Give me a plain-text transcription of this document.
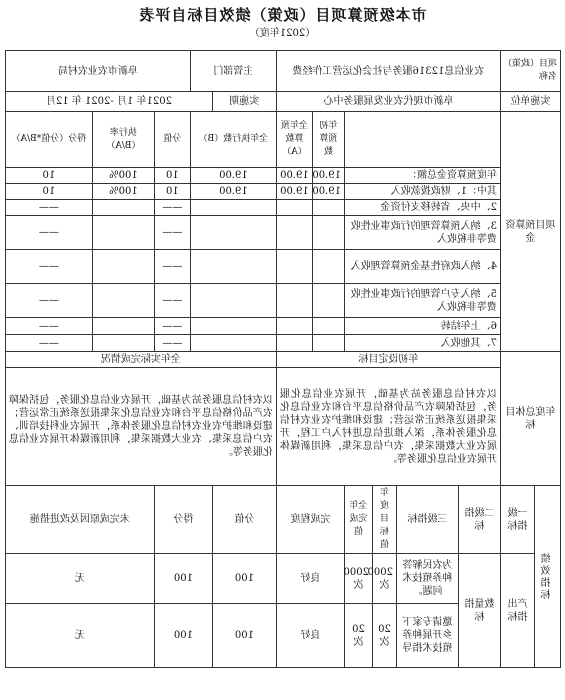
市本级预算项目（政策）绩效目标自评表
（2021年度）
项目（政策）名称		农业信息12316服务与社会化运营工作经费						主管部门		阜新市农业农村局		
实施单位		阜新市现代农业发展服务中心						实施期	2021年 1月 -2021 年 12月			
项目预算资金						年初预算数	全年预算数（A）	全年执行数（B）		分值	执行率（B/A）	得分（分值*B/A）
		年度预算资金总额：				19.00	19.00	19.00		10	100%	10
		其中：1、财政拨款收入				19.00	19.00	19.00		10	100%	10
		2、中央、省转移支付资金								——		——
		3、纳入预算管理的行政事业性收费等非税收入								——		——
		4、纳入政府性基金预算管理收入								——		——
		5、纳入专户管理的行政事业性收费等非税收入								——		——
		6、上年结转								——		——
		7、其他收入								——		——
年度总体目标		年初设定目标						全年实际完成情况				
		以农村信息服务站为基础，开展农业信息化服务，包括保障农产品价格信息平台和农业信息化采集报送系统正常运营；建设和维护农业农村信息化服务体系，深入推进信息进村入户工程，开展农业大数据采集，农户信息采集，利用新媒体开展农业信息化服务等。						以农村信息服务站为基础，开展农业信息化服务，包括保障农产品价格信息平台和农业信息化采集报送系统正常运营；建设和维护农业农村信息化服务体系，开展农业科技培训、农户信息采集、农业大数据采集，利用新媒体开展农业信息化服务等。				

绩效指标	一级指标	二级指标	三级指标	年度目标值	全年完成值	完成程度		分值	得分		未完成原因及改进措施	
	产出指标	数量指标	为农民解答种养殖技术问题。	2000次	2000次	良好		100	100		无	
			邀请专家下乡开展种养殖技术指导	20次	20次	良好		100	100		无	
